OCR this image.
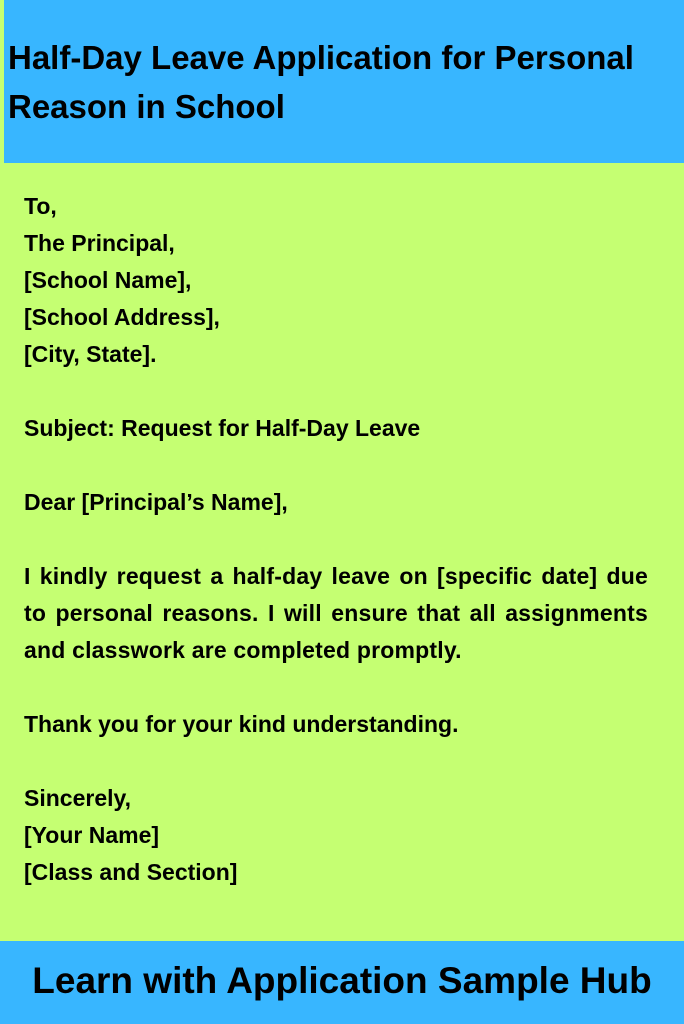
Half-Day Leave Application for Personal Reason in School
To,
The Principal,
[School Name],
[School Address],
[City, State].
Subject: Request for Half-Day Leave
Dear [Principal’s Name],
I kindly request a half-day leave on [specific date] due to personal reasons. I will ensure that all assignments and classwork are completed promptly.
Thank you for your kind understanding.
Sincerely,
[Your Name]
[Class and Section]
Learn with Application Sample Hub
